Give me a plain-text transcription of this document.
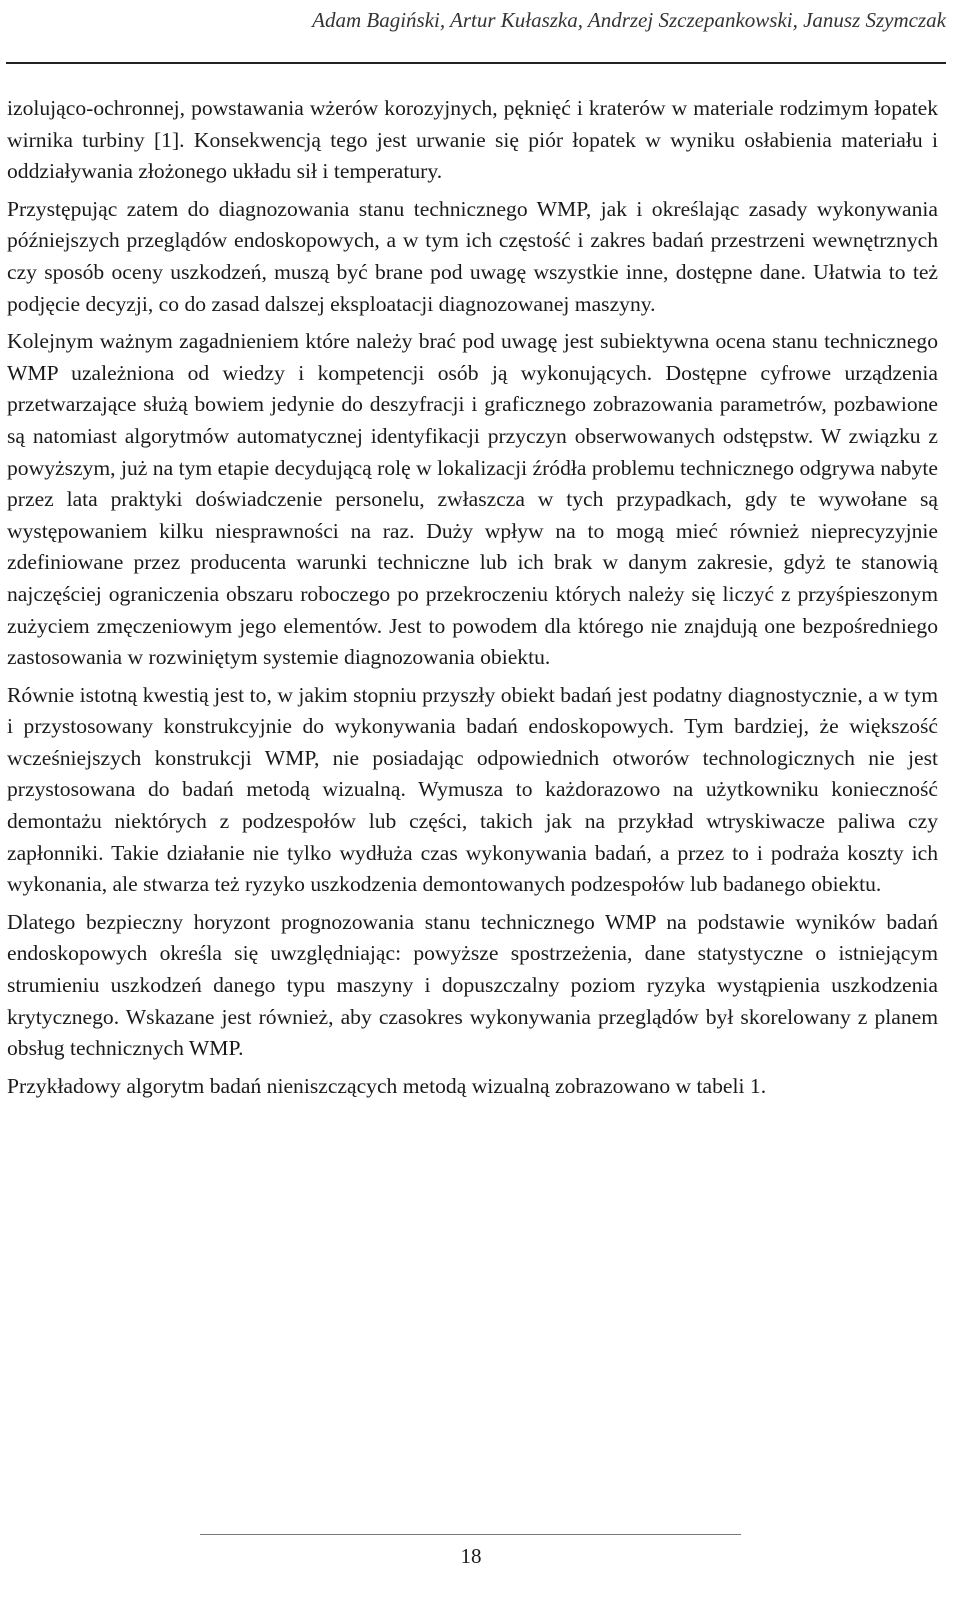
Adam Bagiński, Artur Kułaszka, Andrzej Szczepankowski, Janusz Szymczak

izolująco-ochronnej, powstawania wżerów korozyjnych, pęknięć i kraterów w materiale rodzimym łopatek wirnika turbiny [1]. Konsekwencją tego jest urwanie się piór łopatek w wyniku osłabienia materiału i oddziaływania złożonego układu sił i temperatury.

Przystępując zatem do diagnozowania stanu technicznego WMP, jak i określając zasady wykonywania późniejszych przeglądów endoskopowych, a w tym ich częstość i zakres badań przestrzeni wewnętrznych czy sposób oceny uszkodzeń, muszą być brane pod uwagę wszystkie inne, dostępne dane. Ułatwia to też podjęcie decyzji, co do zasad dalszej eksploatacji diagnozowanej maszyny.

Kolejnym ważnym zagadnieniem które należy brać pod uwagę jest subiektywna ocena stanu technicznego WMP uzależniona od wiedzy i kompetencji osób ją wykonujących. Dostępne cyfrowe urządzenia przetwarzające służą bowiem jedynie do deszyfracji i graficznego zobrazowania parametrów, pozbawione są natomiast algorytmów automatycznej identyfikacji przyczyn obserwowanych odstępstw. W związku z powyższym, już na tym etapie decydującą rolę w lokalizacji źródła problemu technicznego odgrywa nabyte przez lata praktyki doświadczenie personelu, zwłaszcza w tych przypadkach, gdy te wywołane są występowaniem kilku niesprawności na raz. Duży wpływ na to mogą mieć również nieprecyzyjnie zdefiniowane przez producenta warunki techniczne lub ich brak w danym zakresie, gdyż te stanowią najczęściej ograniczenia obszaru roboczego po przekroczeniu których należy się liczyć z przyśpieszonym zużyciem zmęczeniowym jego elementów. Jest to powodem dla którego nie znajdują one bezpośredniego zastosowania w rozwiniętym systemie diagnozowania obiektu.

Równie istotną kwestią jest to, w jakim stopniu przyszły obiekt badań jest podatny diagnostycznie, a w tym i przystosowany konstrukcyjnie do wykonywania badań endoskopowych. Tym bardziej, że większość wcześniejszych konstrukcji WMP, nie posiadając odpowiednich otworów technologicznych nie jest przystosowana do badań metodą wizualną. Wymusza to każdorazowo na użytkowniku konieczność demontażu niektórych z podzespołów lub części, takich jak na przykład wtryskiwacze paliwa czy zapłonniki. Takie działanie nie tylko wydłuża czas wykonywania badań, a przez to i podraża koszty ich wykonania, ale stwarza też ryzyko uszkodzenia demontowanych podzespołów lub badanego obiektu.

Dlatego bezpieczny horyzont prognozowania stanu technicznego WMP na podstawie wyników badań endoskopowych określa się uwzględniając: powyższe spostrzeżenia, dane statystyczne o istniejącym strumieniu uszkodzeń danego typu maszyny i dopuszczalny poziom ryzyka wystąpienia uszkodzenia krytycznego. Wskazane jest również, aby czasokres wykonywania przeglądów był skorelowany z planem obsług technicznych WMP.

Przykładowy algorytm badań nieniszczących metodą wizualną zobrazowano w tabeli 1.

18
